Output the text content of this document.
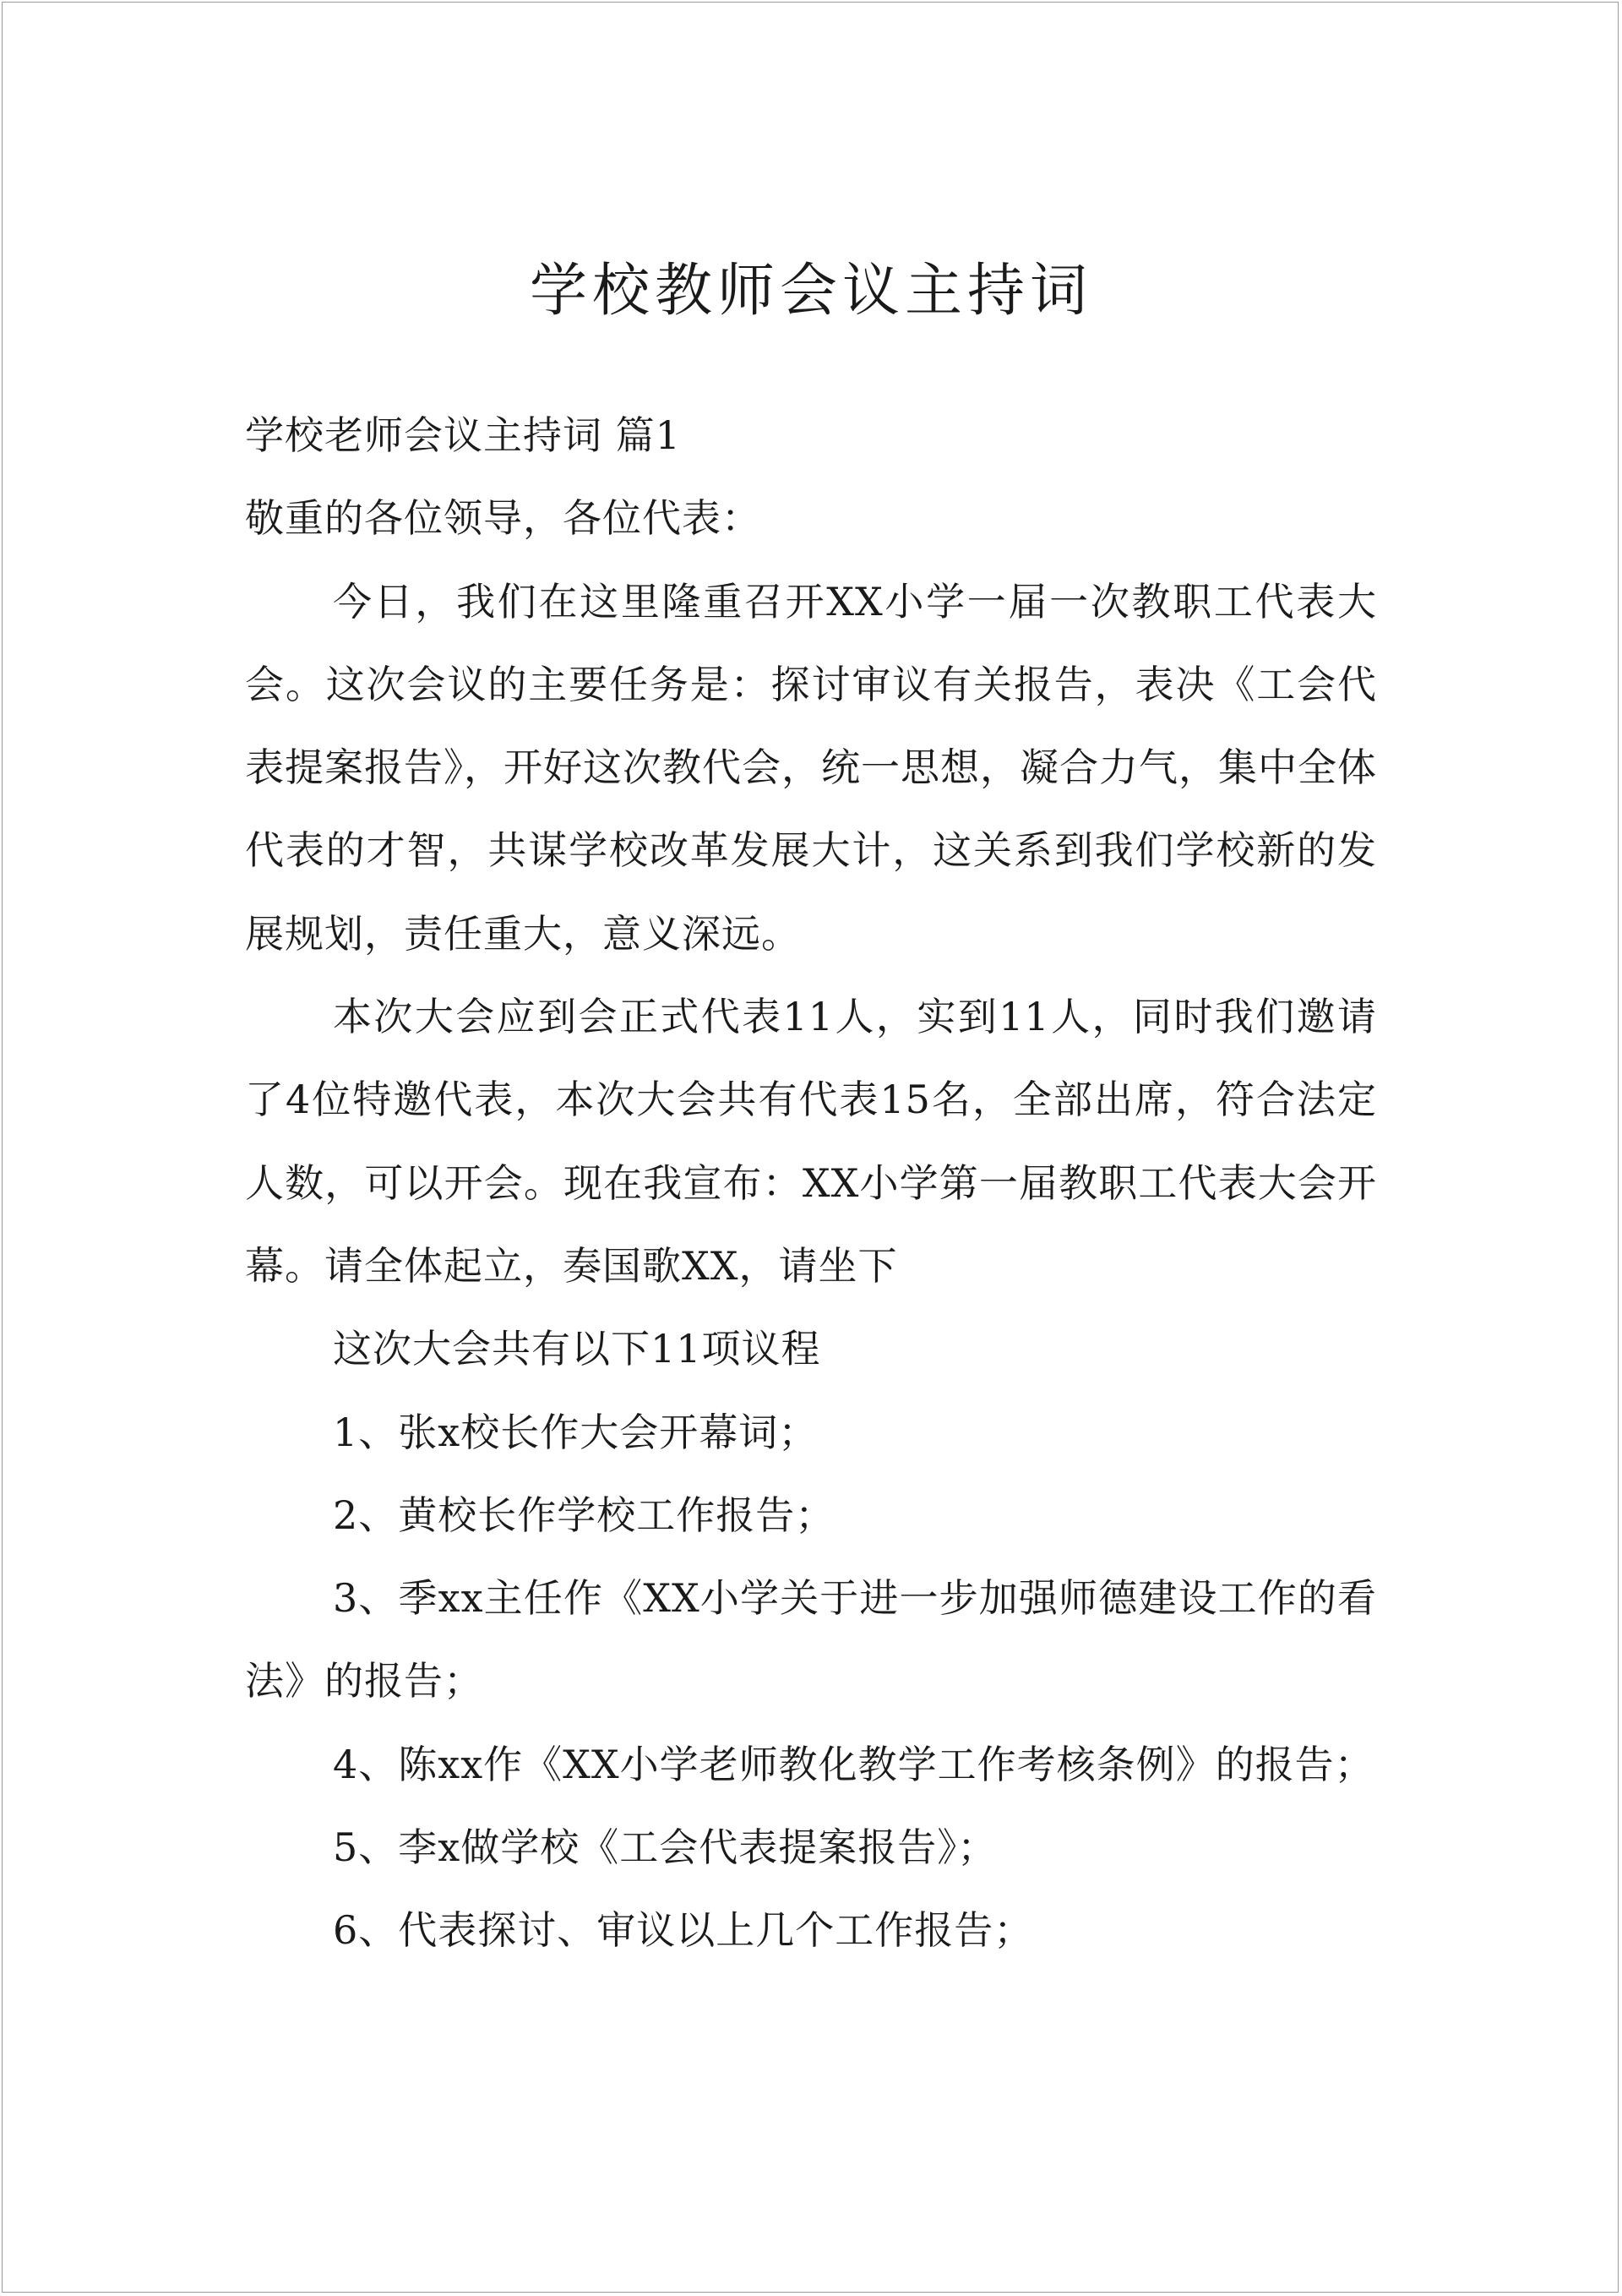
学校教师会议主持词

学校老师会议主持词 篇1

敬重的各位领导，各位代表：

今日，我们在这里隆重召开XX小学一届一次教职工代表大会。这次会议的主要任务是：探讨审议有关报告，表决《工会代表提案报告》，开好这次教代会，统一思想，凝合力气，集中全体代表的才智，共谋学校改革发展大计，这关系到我们学校新的发展规划，责任重大，意义深远。

本次大会应到会正式代表11人，实到11人，同时我们邀请了4位特邀代表，本次大会共有代表15名，全部出席，符合法定人数，可以开会。现在我宣布：XX小学第一届教职工代表大会开幕。请全体起立，奏国歌XX，请坐下

这次大会共有以下11项议程

1、张x校长作大会开幕词；

2、黄校长作学校工作报告；

3、季xx主任作《XX小学关于进一步加强师德建设工作的看法》的报告；

4、陈xx作《XX小学老师教化教学工作考核条例》的报告；

5、李x做学校《工会代表提案报告》；

6、代表探讨、审议以上几个工作报告；
